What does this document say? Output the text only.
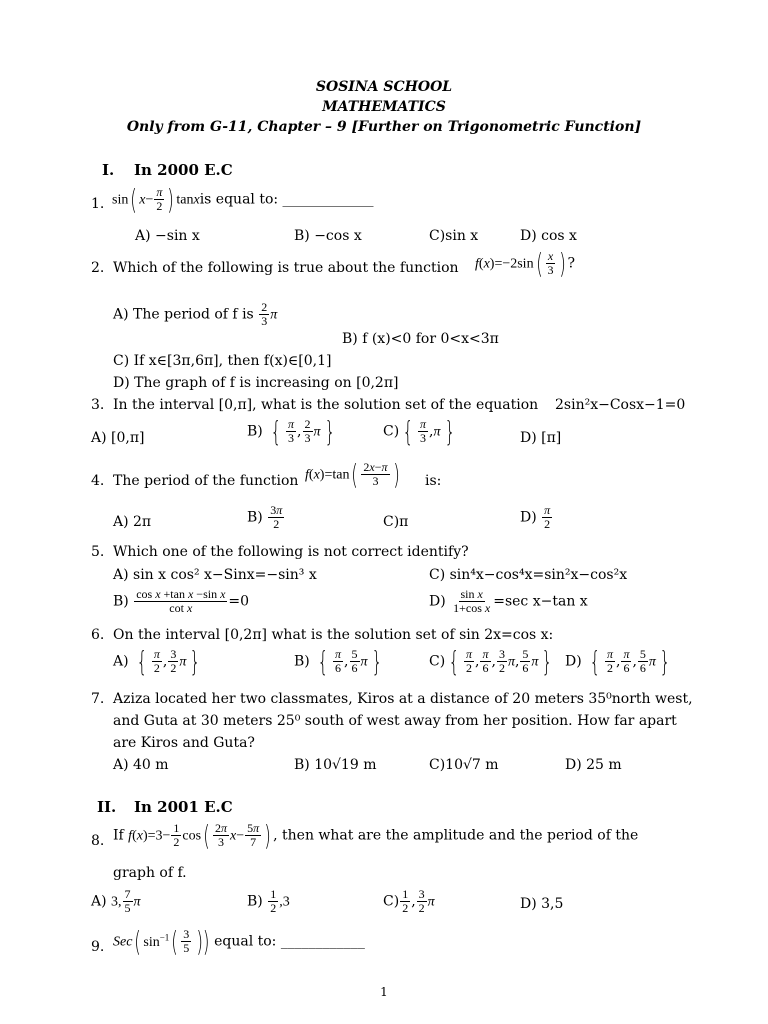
SOSINA SCHOOL
MATHEMATICS
Only from G-11, Chapter – 9 [Further on Trigonometric Function]
I. In 2000 E.C
1. sin( $x- \frac{\pi}{2}$ ) tanxis equal to: _____________
A) −sin x	B) −cos x	C)sin x	D) cos x
2. Which of the following is true about the function $f(x)=-2\sin( \frac{x}{3}$ ) ?
A) The period of f is $\frac{2}{3}$ π
B) f (x)<0 for 0<x<3π
C) If x∈[3π,6π], then f(x)∈[0,1]
D) The graph of f is increasing on [0,2π]
3. In the interval [0,π], what is the solution set of the equation 2sin²x−Cosx−1=0
A) [0,π]	B) { $\frac{\pi}{3}$ , $\frac{2}{3}$ π }	C) { $\frac{\pi}{3} ,\pi$ }	D) [π]
4. The period of the function $f(x)=\tan( \frac{2x-\pi}{3}$ ) is:
A) 2π	$B) \frac{3\pi}{2}$	C)π	$D) \frac{\pi}{2}$
5. Which one of the following is not correct identify?
A) sin x cos² x−Sinx=−sin³ x	C) sin⁴x−cos⁴x=sin²x−cos²x
$B) \frac{\text{cos x +tan x −sin x}}{\text{cot x}} =0$	$D) \frac{\text{sin x}}{\text{1+cos x}} =\sec$ x−tan x
6. On the interval [0,2π] what is the solution set of sin 2x=cos x:
A) { $\frac{\pi}{2}$ , $\frac{3}{2}$ π }	B) { $\frac{\pi}{6}$ , $\frac{5}{6}$ π }	C) { $\frac{\pi}{2}$ , $\frac{\pi}{6}$ , $\frac{3}{2} \pi$, $\frac{5}{6}$ π } D) { $\frac{\pi}{2}$ , $\frac{\pi}{6}$ , $\frac{5}{6}$ π }
7. Aziza located her two classmates, Kiros at a distance of 20 meters 35⁰north west,
and Guta at 30 meters 25⁰ south of west away from her position. How far apart
are Kiros and Guta?
A) 40 m	B) 10√19 m	C)10√7 m	D) 25 m
II. In 2001 E.C
8. If $f(x)=3- \frac{1}{2} \cos( \frac{2\pi}{3} x- \frac{5\pi}{7}$ ) , then what are the amplitude and the period of the
graph of f.
A) 3, $\frac{7}{5}$ π	$B) \frac{1}{2} ,3$	$C) \frac{1}{2}$ , $\frac{3}{2}$ π	D) 3,5
9. Sec( $\sin^{-1}( \frac{3}{5}$ )) equal to: ____________
1
